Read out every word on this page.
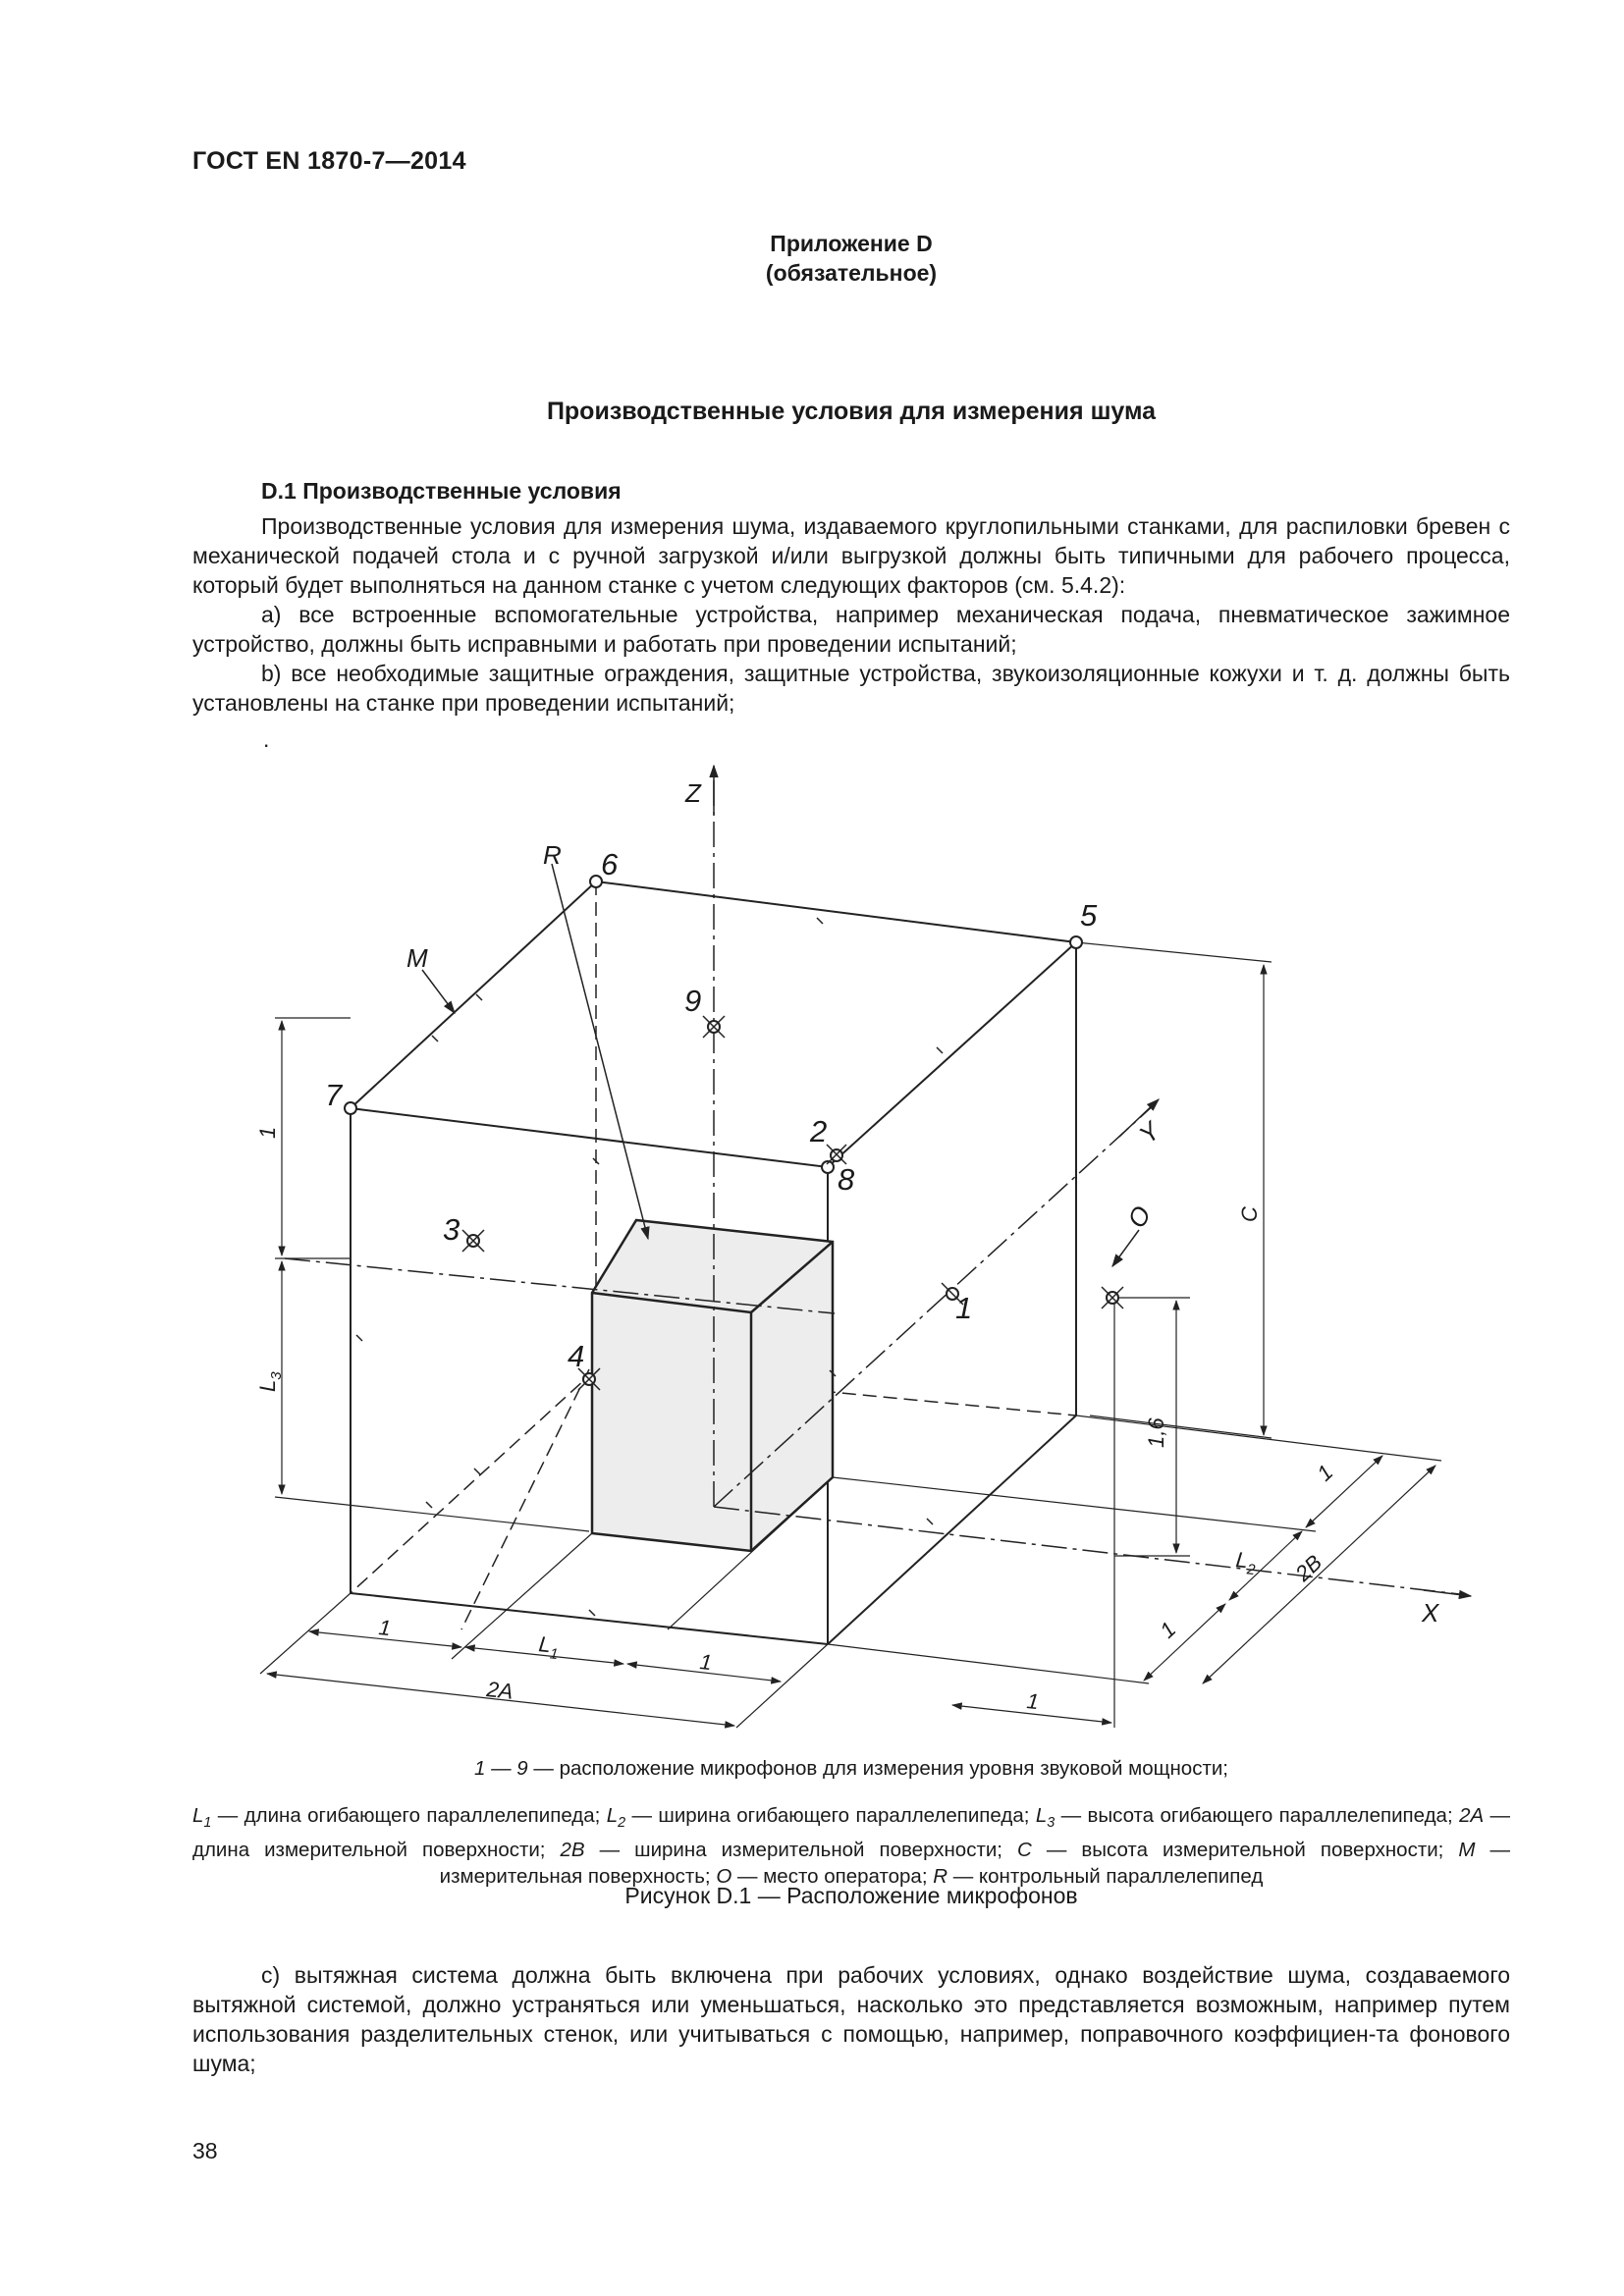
ГОСТ EN 1870-7—2014
Приложение D
(обязательное)
Производственные условия для измерения шума
D.1 Производственные условия

Производственные условия для измерения шума, издаваемого круглопильными станками, для распиловки бревен с механической подачей стола и с ручной загрузкой и/или выгрузкой должны быть типичными для рабочего процесса, который будет выполняться на данном станке с учетом следующих факторов (см. 5.4.2):

a) все встроенные вспомогательные устройства, например механическая подача, пневматическое зажимное устройство, должны быть исправными и работать при проведении испытаний;

b) все необходимые защитные ограждения, защитные устройства, звукоизоляционные кожухи и т. д. должны быть установлены на станке при проведении испытаний;

.
Z
Y
X
R
M
O
6
5
7
2
8
9
3
1
4
1
$L_3$
C
1,6
1
$L_1$	1
2A
1
$L_2$ 2B
1
1
1 — 9 — расположение микрофонов для измерения уровня звуковой мощности;
$L_1$ — длина огибающего параллелепипеда; $L_2$ — ширина огибающего параллелепипеда; $L_3$ — высота огибающего параллелепипеда; 2A — длина измерительной поверхности; 2B — ширина измерительной поверхности; C — высота измерительной поверхности; M — измерительная поверхность; O — место оператора; R — контрольный параллелепипед
Рисунок D.1 — Расположение микрофонов

c) вытяжная система должна быть включена при рабочих условиях, однако воздействие шума, создаваемого вытяжной системой, должно устраняться или уменьшаться, насколько это представляется возможным, например путем использования разделительных стенок, или учитываться с помощью, например, поправочного коэффициен-та фонового шума;

38
